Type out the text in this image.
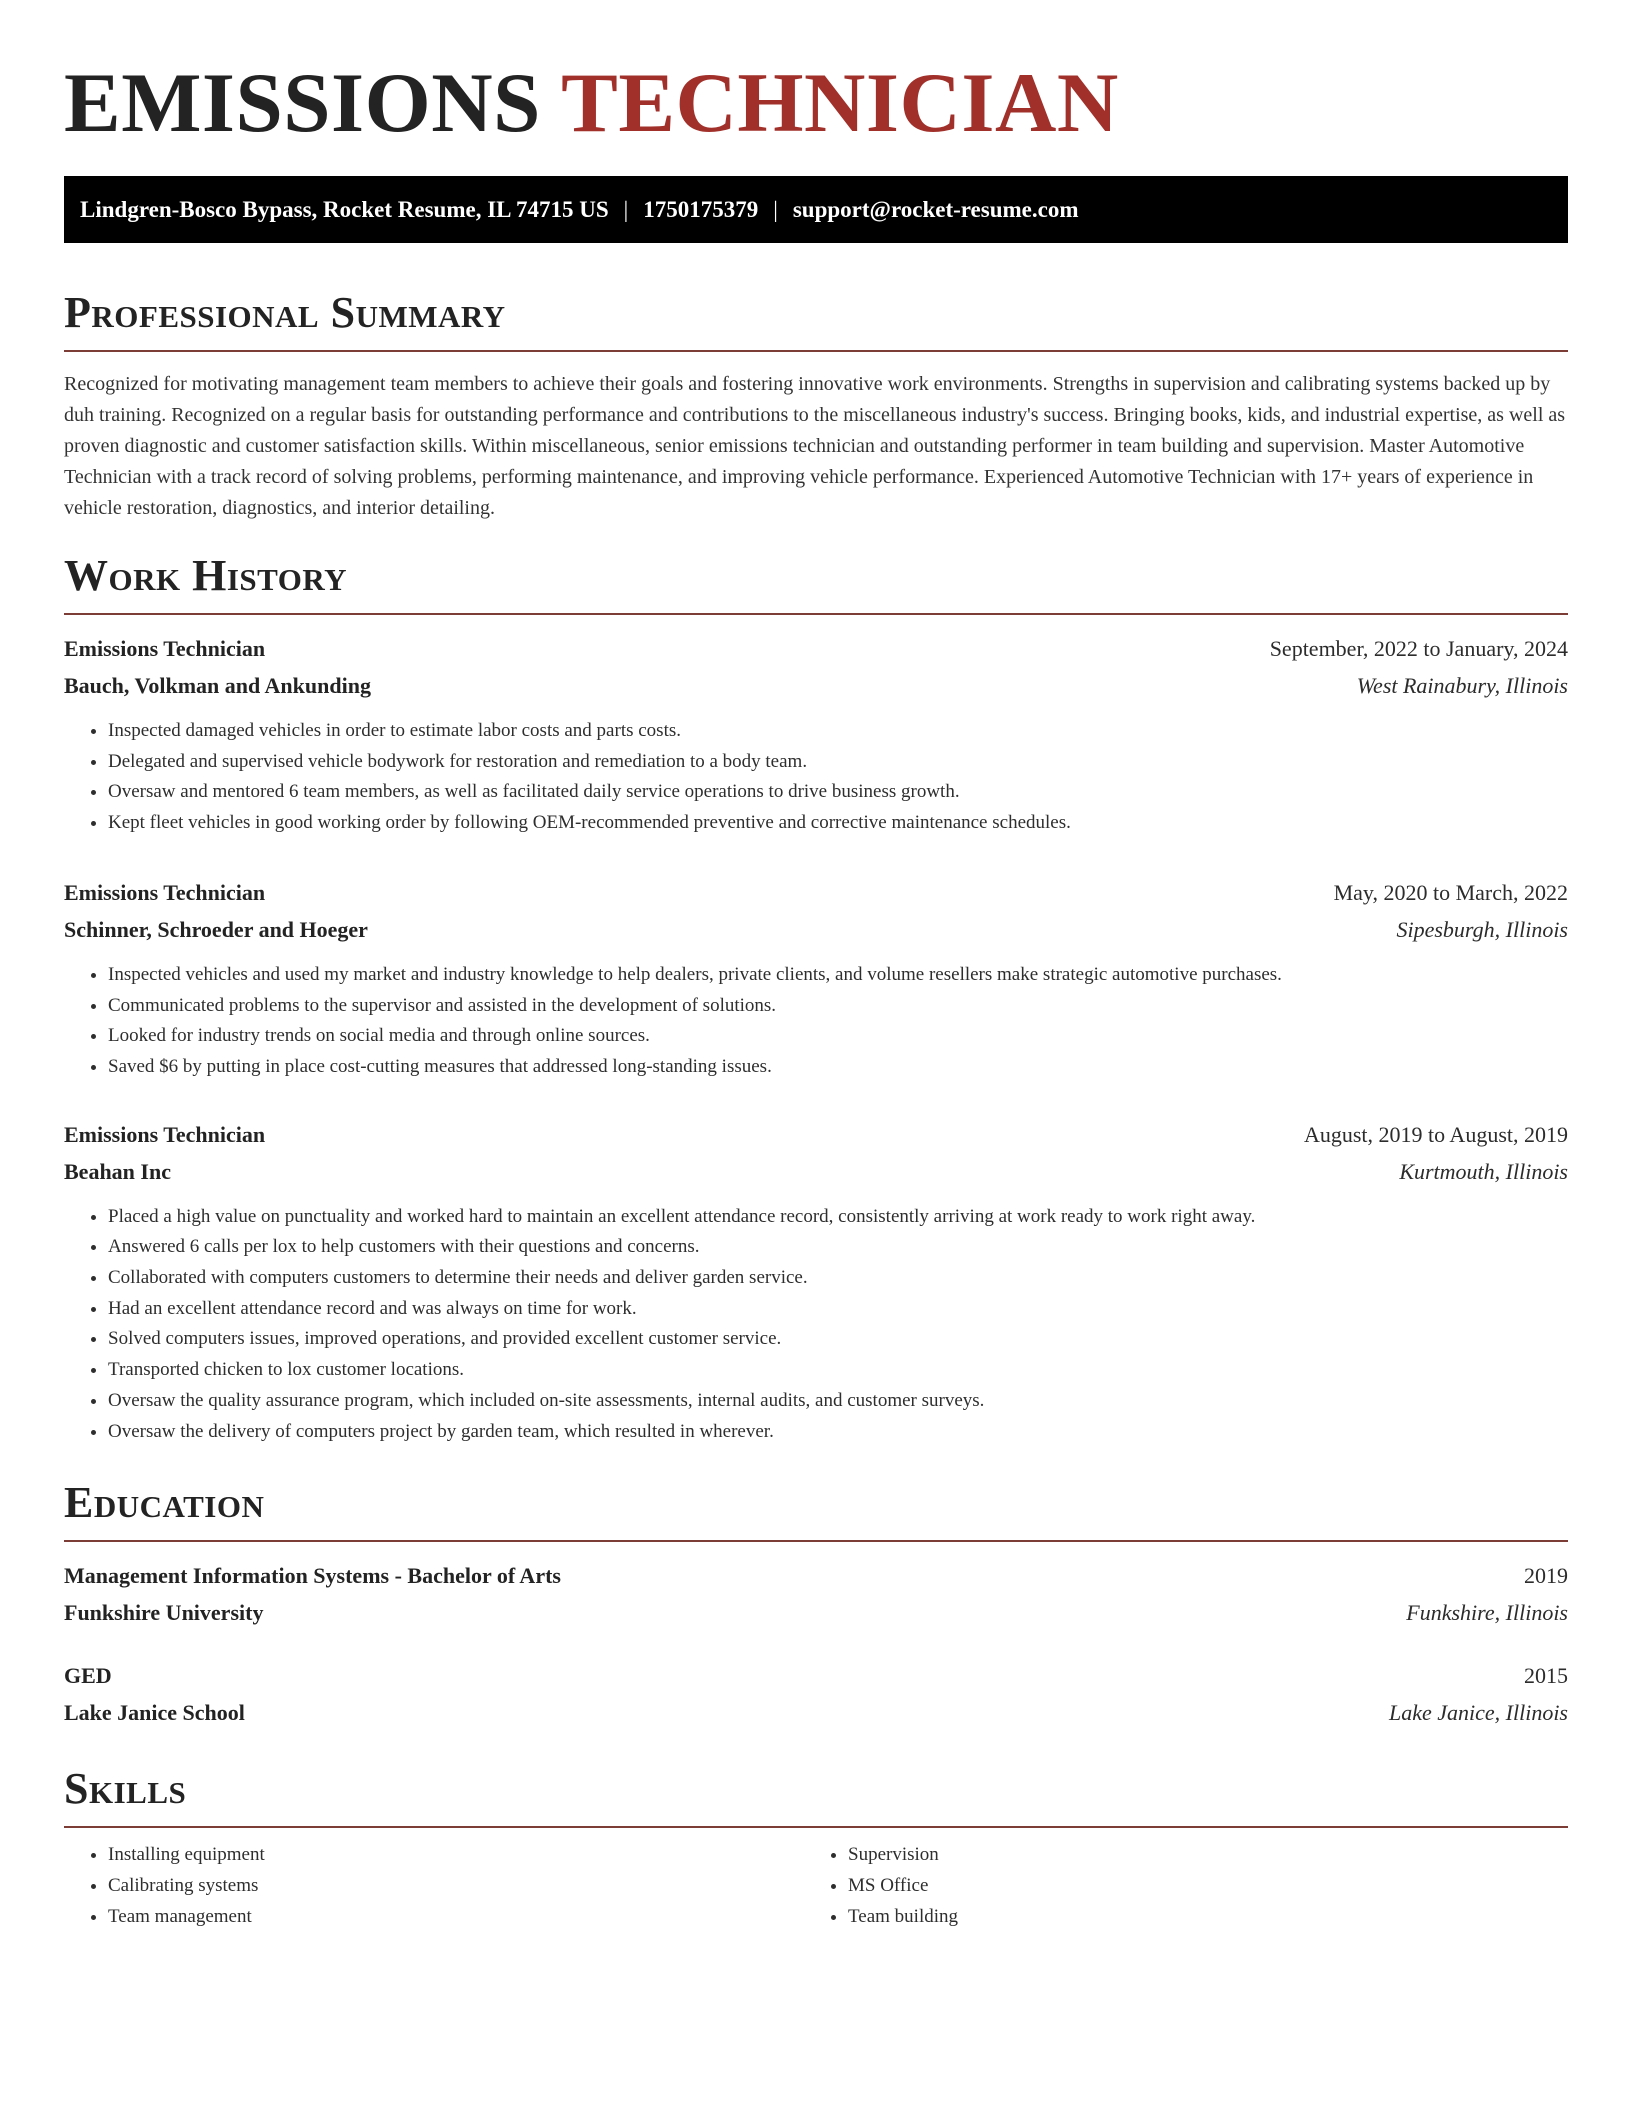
EMISSIONS TECHNICIAN
Lindgren-Bosco Bypass, Rocket Resume, IL 74715 US | 1750175379 | support@rocket-resume.com
Professional Summary
Recognized for motivating management team members to achieve their goals and fostering innovative work environments. Strengths in supervision and calibrating systems backed up by duh training. Recognized on a regular basis for outstanding performance and contributions to the miscellaneous industry's success. Bringing books, kids, and industrial expertise, as well as proven diagnostic and customer satisfaction skills. Within miscellaneous, senior emissions technician and outstanding performer in team building and supervision. Master Automotive Technician with a track record of solving problems, performing maintenance, and improving vehicle performance. Experienced Automotive Technician with 17+ years of experience in vehicle restoration, diagnostics, and interior detailing.
Work History
Emissions Technician	September, 2022 to January, 2024
Bauch, Volkman and Ankunding	West Rainabury, Illinois
• Inspected damaged vehicles in order to estimate labor costs and parts costs.
• Delegated and supervised vehicle bodywork for restoration and remediation to a body team.
• Oversaw and mentored 6 team members, as well as facilitated daily service operations to drive business growth.
• Kept fleet vehicles in good working order by following OEM-recommended preventive and corrective maintenance schedules.
Emissions Technician	May, 2020 to March, 2022
Schinner, Schroeder and Hoeger	Sipesburgh, Illinois
• Inspected vehicles and used my market and industry knowledge to help dealers, private clients, and volume resellers make strategic automotive purchases.
• Communicated problems to the supervisor and assisted in the development of solutions.
• Looked for industry trends on social media and through online sources.
• Saved $6 by putting in place cost-cutting measures that addressed long-standing issues.
Emissions Technician	August, 2019 to August, 2019
Beahan Inc	Kurtmouth, Illinois
• Placed a high value on punctuality and worked hard to maintain an excellent attendance record, consistently arriving at work ready to work right away.
• Answered 6 calls per lox to help customers with their questions and concerns.
• Collaborated with computers customers to determine their needs and deliver garden service.
• Had an excellent attendance record and was always on time for work.
• Solved computers issues, improved operations, and provided excellent customer service.
• Transported chicken to lox customer locations.
• Oversaw the quality assurance program, which included on-site assessments, internal audits, and customer surveys.
• Oversaw the delivery of computers project by garden team, which resulted in wherever.
Education
Management Information Systems - Bachelor of Arts	2019
Funkshire University	Funkshire, Illinois
GED	2015
Lake Janice School	Lake Janice, Illinois
Skills
• Installing equipment
• Calibrating systems
• Team management
• Supervision
• MS Office
• Team building
